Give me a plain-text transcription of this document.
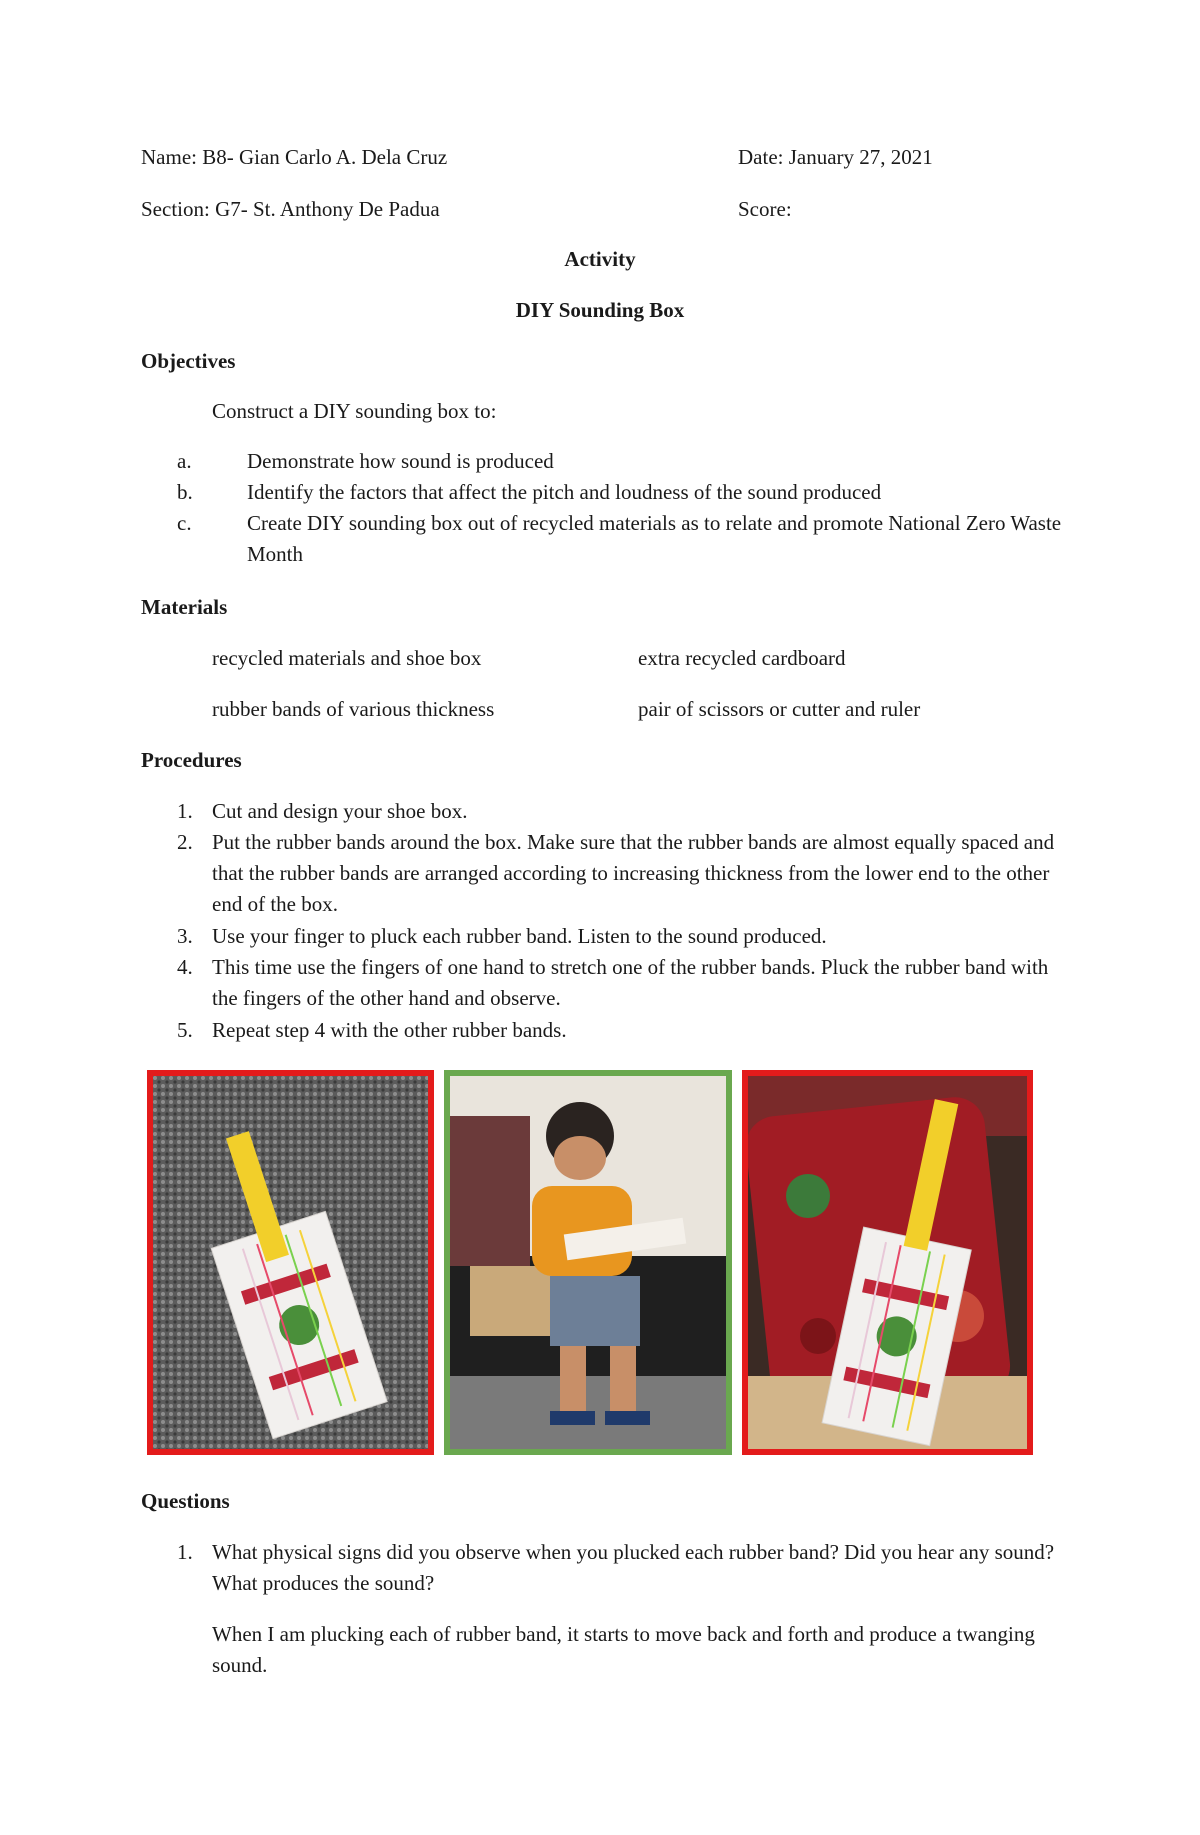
Name: B8- Gian Carlo A. Dela Cruz	Date: January 27, 2021
Section: G7- St. Anthony De Padua	Score:
Activity
DIY Sounding Box
Objectives
Construct a DIY sounding box to:
a.	Demonstrate how sound is produced
b.	Identify the factors that affect the pitch and loudness of the sound produced
c.	Create DIY sounding box out of recycled materials as to relate and promote National Zero Waste Month
Materials
recycled materials and shoe box	extra recycled cardboard
rubber bands of various thickness	pair of scissors or cutter and ruler
Procedures
1. Cut and design your shoe box.
2. Put the rubber bands around the box. Make sure that the rubber bands are almost equally spaced and that the rubber bands are arranged according to increasing thickness from the lower end to the other end of the box.
3. Use your finger to pluck each rubber band. Listen to the sound produced.
4. This time use the fingers of one hand to stretch one of the rubber bands. Pluck the rubber band with the fingers of the other hand and observe.
5. Repeat step 4 with the other rubber bands.
Questions
1. What physical signs did you observe when you plucked each rubber band? Did you hear any sound? What produces the sound?
When I am plucking each of rubber band, it starts to move back and forth and produce a twanging sound.
